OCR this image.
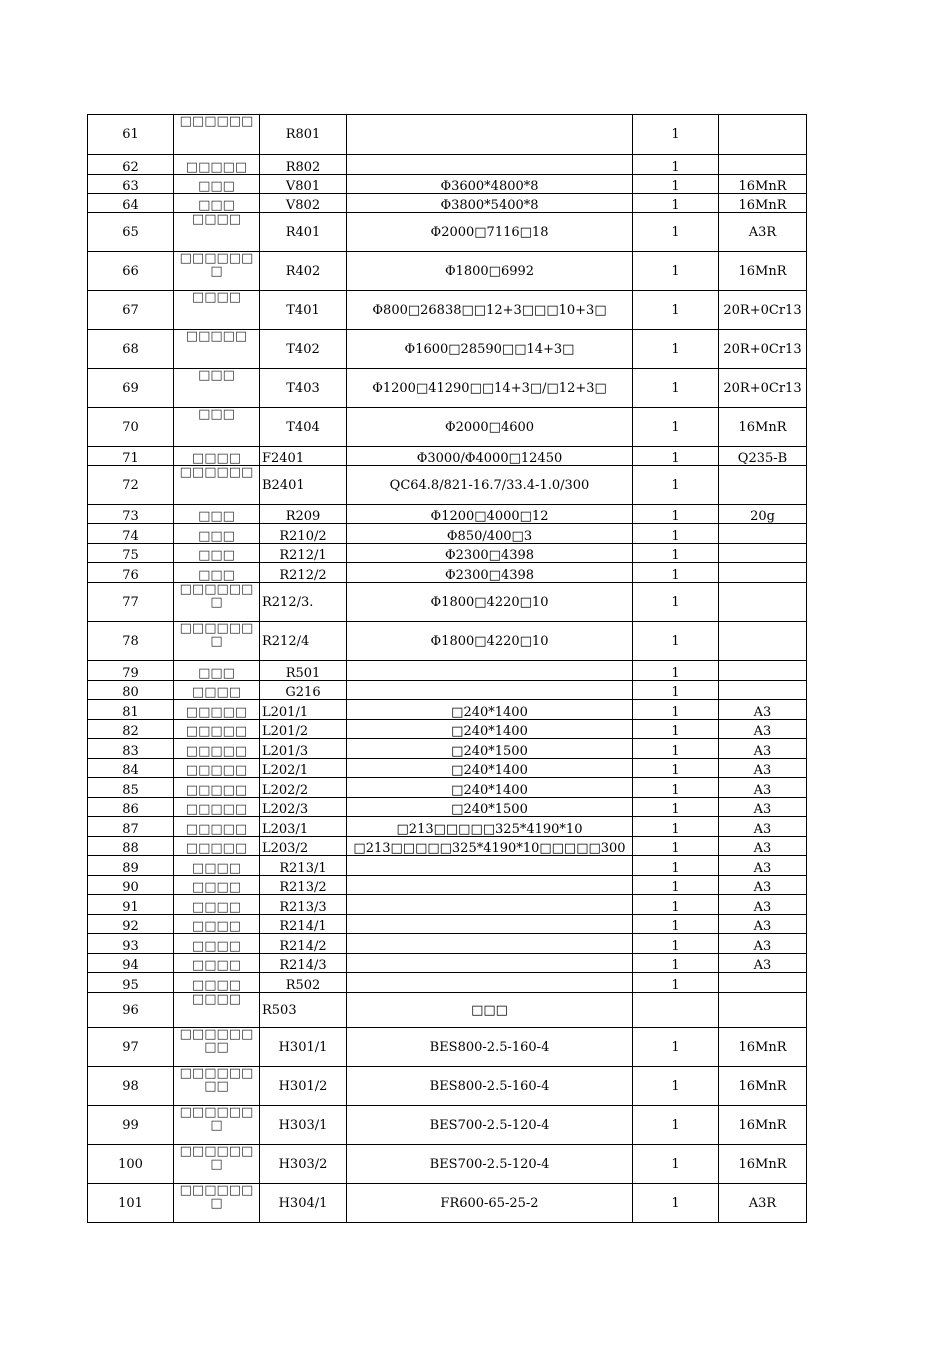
61	□□□□□□	R801		1	
62	□□□□□	R802		1	
63	□□□	V801	Φ3600*4800*8	1	16MnR
64	□□□	V802	Φ3800*5400*8	1	16MnR
65	□□□□	R401	Φ2000□7116□18	1	A3R
66	□□□□□□□	R402	Φ1800□6992	1	16MnR
67	□□□□	T401	Φ800□26838□□12+3□□□10+3□	1	20R+0Cr13
68	□□□□□	T402	Φ1600□28590□□14+3□	1	20R+0Cr13
69	□□□	T403	Φ1200□41290□□14+3□/□12+3□	1	20R+0Cr13
70	□□□	T404	Φ2000□4600	1	16MnR
71	□□□□	F2401	Φ3000/Φ4000□12450	1	Q235-B
72	□□□□□□	B2401	QC64.8/821-16.7/33.4-1.0/300	1	
73	□□□	R209	Φ1200□4000□12	1	20g
74	□□□	R210/2	Φ850/400□3	1	
75	□□□	R212/1	Φ2300□4398	1	
76	□□□	R212/2	Φ2300□4398	1	
77	□□□□□□□	R212/3.	Φ1800□4220□10	1	
78	□□□□□□□	R212/4	Φ1800□4220□10	1	
79	□□□	R501		1	
80	□□□□	G216		1	
81	□□□□□	L201/1	□240*1400	1	A3
82	□□□□□	L201/2	□240*1400	1	A3
83	□□□□□	L201/3	□240*1500	1	A3
84	□□□□□	L202/1	□240*1400	1	A3
85	□□□□□	L202/2	□240*1400	1	A3
86	□□□□□	L202/3	□240*1500	1	A3
87	□□□□□	L203/1	□213□□□□□325*4190*10	1	A3
88	□□□□□	L203/2	□213□□□□□325*4190*10□□□□□300	1	A3
89	□□□□	R213/1		1	A3
90	□□□□	R213/2		1	A3
91	□□□□	R213/3		1	A3
92	□□□□	R214/1		1	A3
93	□□□□	R214/2		1	A3
94	□□□□	R214/3		1	A3
95	□□□□	R502		1	
96	□□□□	R503	□□□		
97	□□□□□□□□	H301/1	BES800-2.5-160-4	1	16MnR
98	□□□□□□□□	H301/2	BES800-2.5-160-4	1	16MnR
99	□□□□□□□	H303/1	BES700-2.5-120-4	1	16MnR
100	□□□□□□□	H303/2	BES700-2.5-120-4	1	16MnR
101	□□□□□□□	H304/1	FR600-65-25-2	1	A3R
